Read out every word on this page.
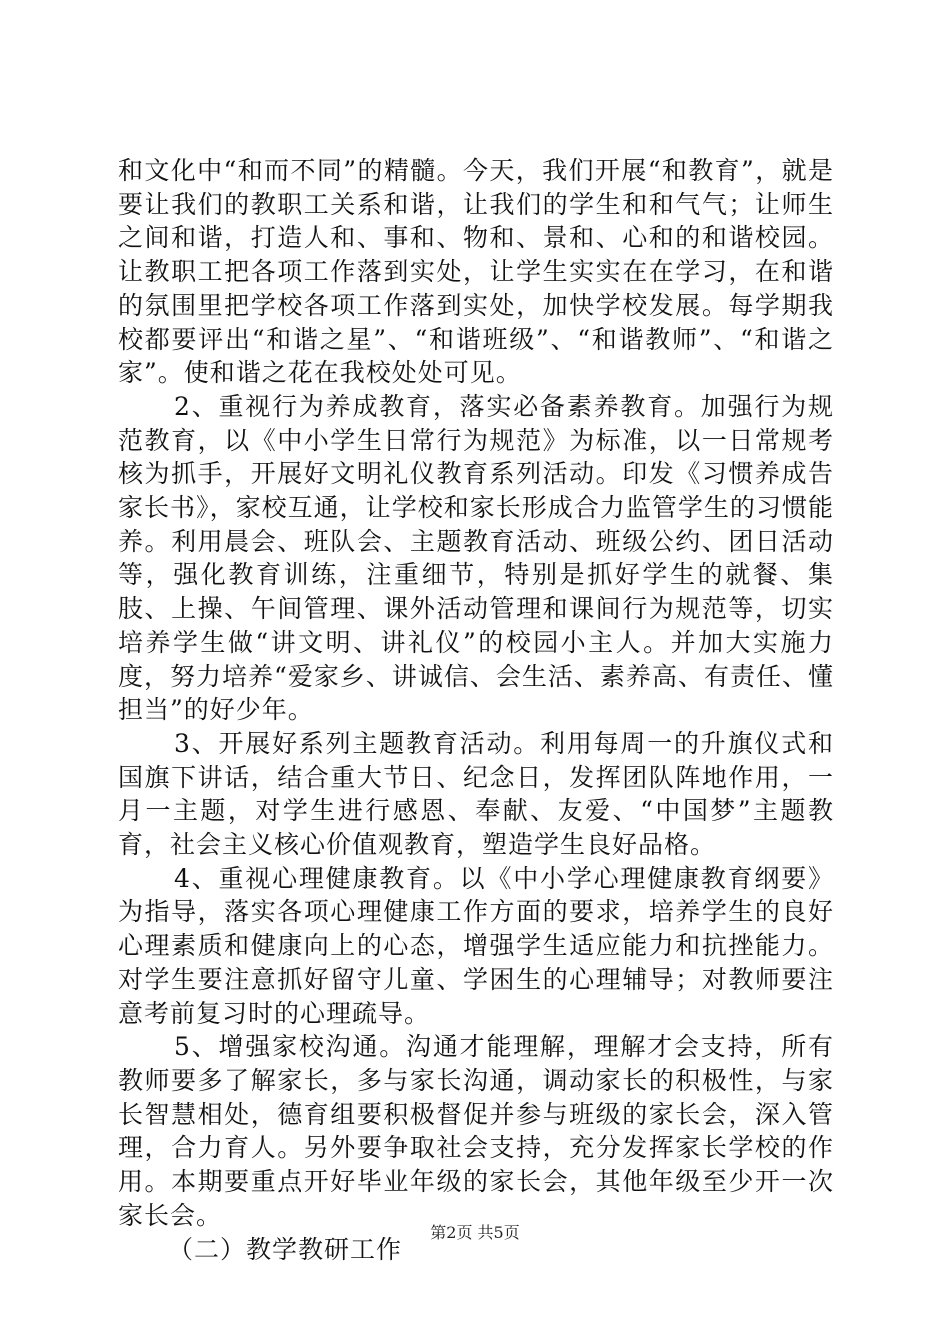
和文化中“和而不同”的精髓。今天，我们开展“和教育”，就是要让我们的教职工关系和谐，让我们的学生和和气气；让师生之间和谐，打造人和、事和、物和、景和、心和的和谐校园。让教职工把各项工作落到实处，让学生实实在在学习，在和谐的氛围里把学校各项工作落到实处，加快学校发展。每学期我校都要评出“和谐之星”、“和谐班级”、“和谐教师”、“和谐之家”。使和谐之花在我校处处可见。

2、重视行为养成教育，落实必备素养教育。加强行为规范教育，以《中小学生日常行为规范》为标准，以一日常规考核为抓手，开展好文明礼仪教育系列活动。印发《习惯养成告家长书》，家校互通，让学校和家长形成合力监管学生的习惯能养。利用晨会、班队会、主题教育活动、班级公约、团日活动等，强化教育训练，注重细节，特别是抓好学生的就餐、集肢、上操、午间管理、课外活动管理和课间行为规范等，切实培养学生做“讲文明、讲礼仪”的校园小主人。并加大实施力度，努力培养“爱家乡、讲诚信、会生活、素养高、有责任、懂担当”的好少年。

3、开展好系列主题教育活动。利用每周一的升旗仪式和国旗下讲话，结合重大节日、纪念日，发挥团队阵地作用，一月一主题，对学生进行感恩、奉献、友爱、“中国梦”主题教育，社会主义核心价值观教育，塑造学生良好品格。

4、重视心理健康教育。以《中小学心理健康教育纲要》为指导，落实各项心理健康工作方面的要求，培养学生的良好心理素质和健康向上的心态，增强学生适应能力和抗挫能力。对学生要注意抓好留守儿童、学困生的心理辅导；对教师要注意考前复习时的心理疏导。

5、增强家校沟通。沟通才能理解，理解才会支持，所有教师要多了解家长，多与家长沟通，调动家长的积极性，与家长智慧相处，德育组要积极督促并参与班级的家长会，深入管理，合力育人。另外要争取社会支持，充分发挥家长学校的作用。本期要重点开好毕业年级的家长会，其他年级至少开一次家长会。

（二）教学教研工作

第2页 共5页
